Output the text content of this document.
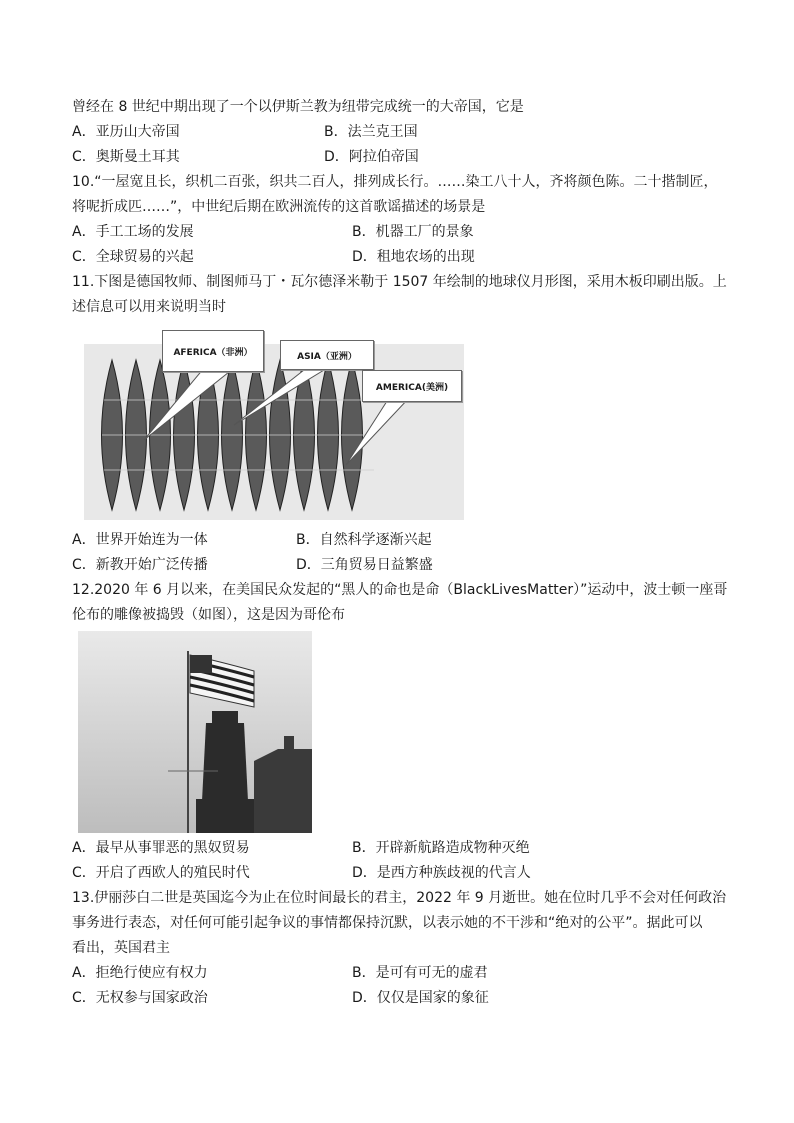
曾经在 8 世纪中期出现了一个以伊斯兰教为纽带完成统一的大帝国，它是
A．亚历山大帝国	B．法兰克王国
C．奥斯曼土耳其	D．阿拉伯帝国
10.“一屋宽且长，织机二百张，织共二百人，排列成长行。……染工八十人，齐将颜色陈。二十揩制匠，
将呢折成匹……”，中世纪后期在欧洲流传的这首歌谣描述的场景是
A．手工工场的发展	B．机器工厂的景象
C．全球贸易的兴起	D．租地农场的出现
11.下图是德国牧师、制图师马丁・瓦尔德泽米勒于 1507 年绘制的地球仪月形图，采用木板印刷出版。上
述信息可以用来说明当时
AFERICA（非洲）	ASIA（亚洲）
AMERICA(美洲)
A．世界开始连为一体	B．自然科学逐渐兴起
C．新教开始广泛传播	D．三角贸易日益繁盛
12.2020 年 6 月以来，在美国民众发起的“黑人的命也是命（BlackLivesMatter）”运动中，波士顿一座哥
伦布的雕像被捣毁（如图），这是因为哥伦布
A．最早从事罪恶的黑奴贸易	B．开辟新航路造成物种灭绝
C．开启了西欧人的殖民时代	D．是西方种族歧视的代言人
13.伊丽莎白二世是英国迄今为止在位时间最长的君主，2022 年 9 月逝世。她在位时几乎不会对任何政治
事务进行表态，对任何可能引起争议的事情都保持沉默，以表示她的不干涉和“绝对的公平”。据此可以
看出，英国君主
A．拒绝行使应有权力	B．是可有可无的虚君
C．无权参与国家政治	D．仅仅是国家的象征
